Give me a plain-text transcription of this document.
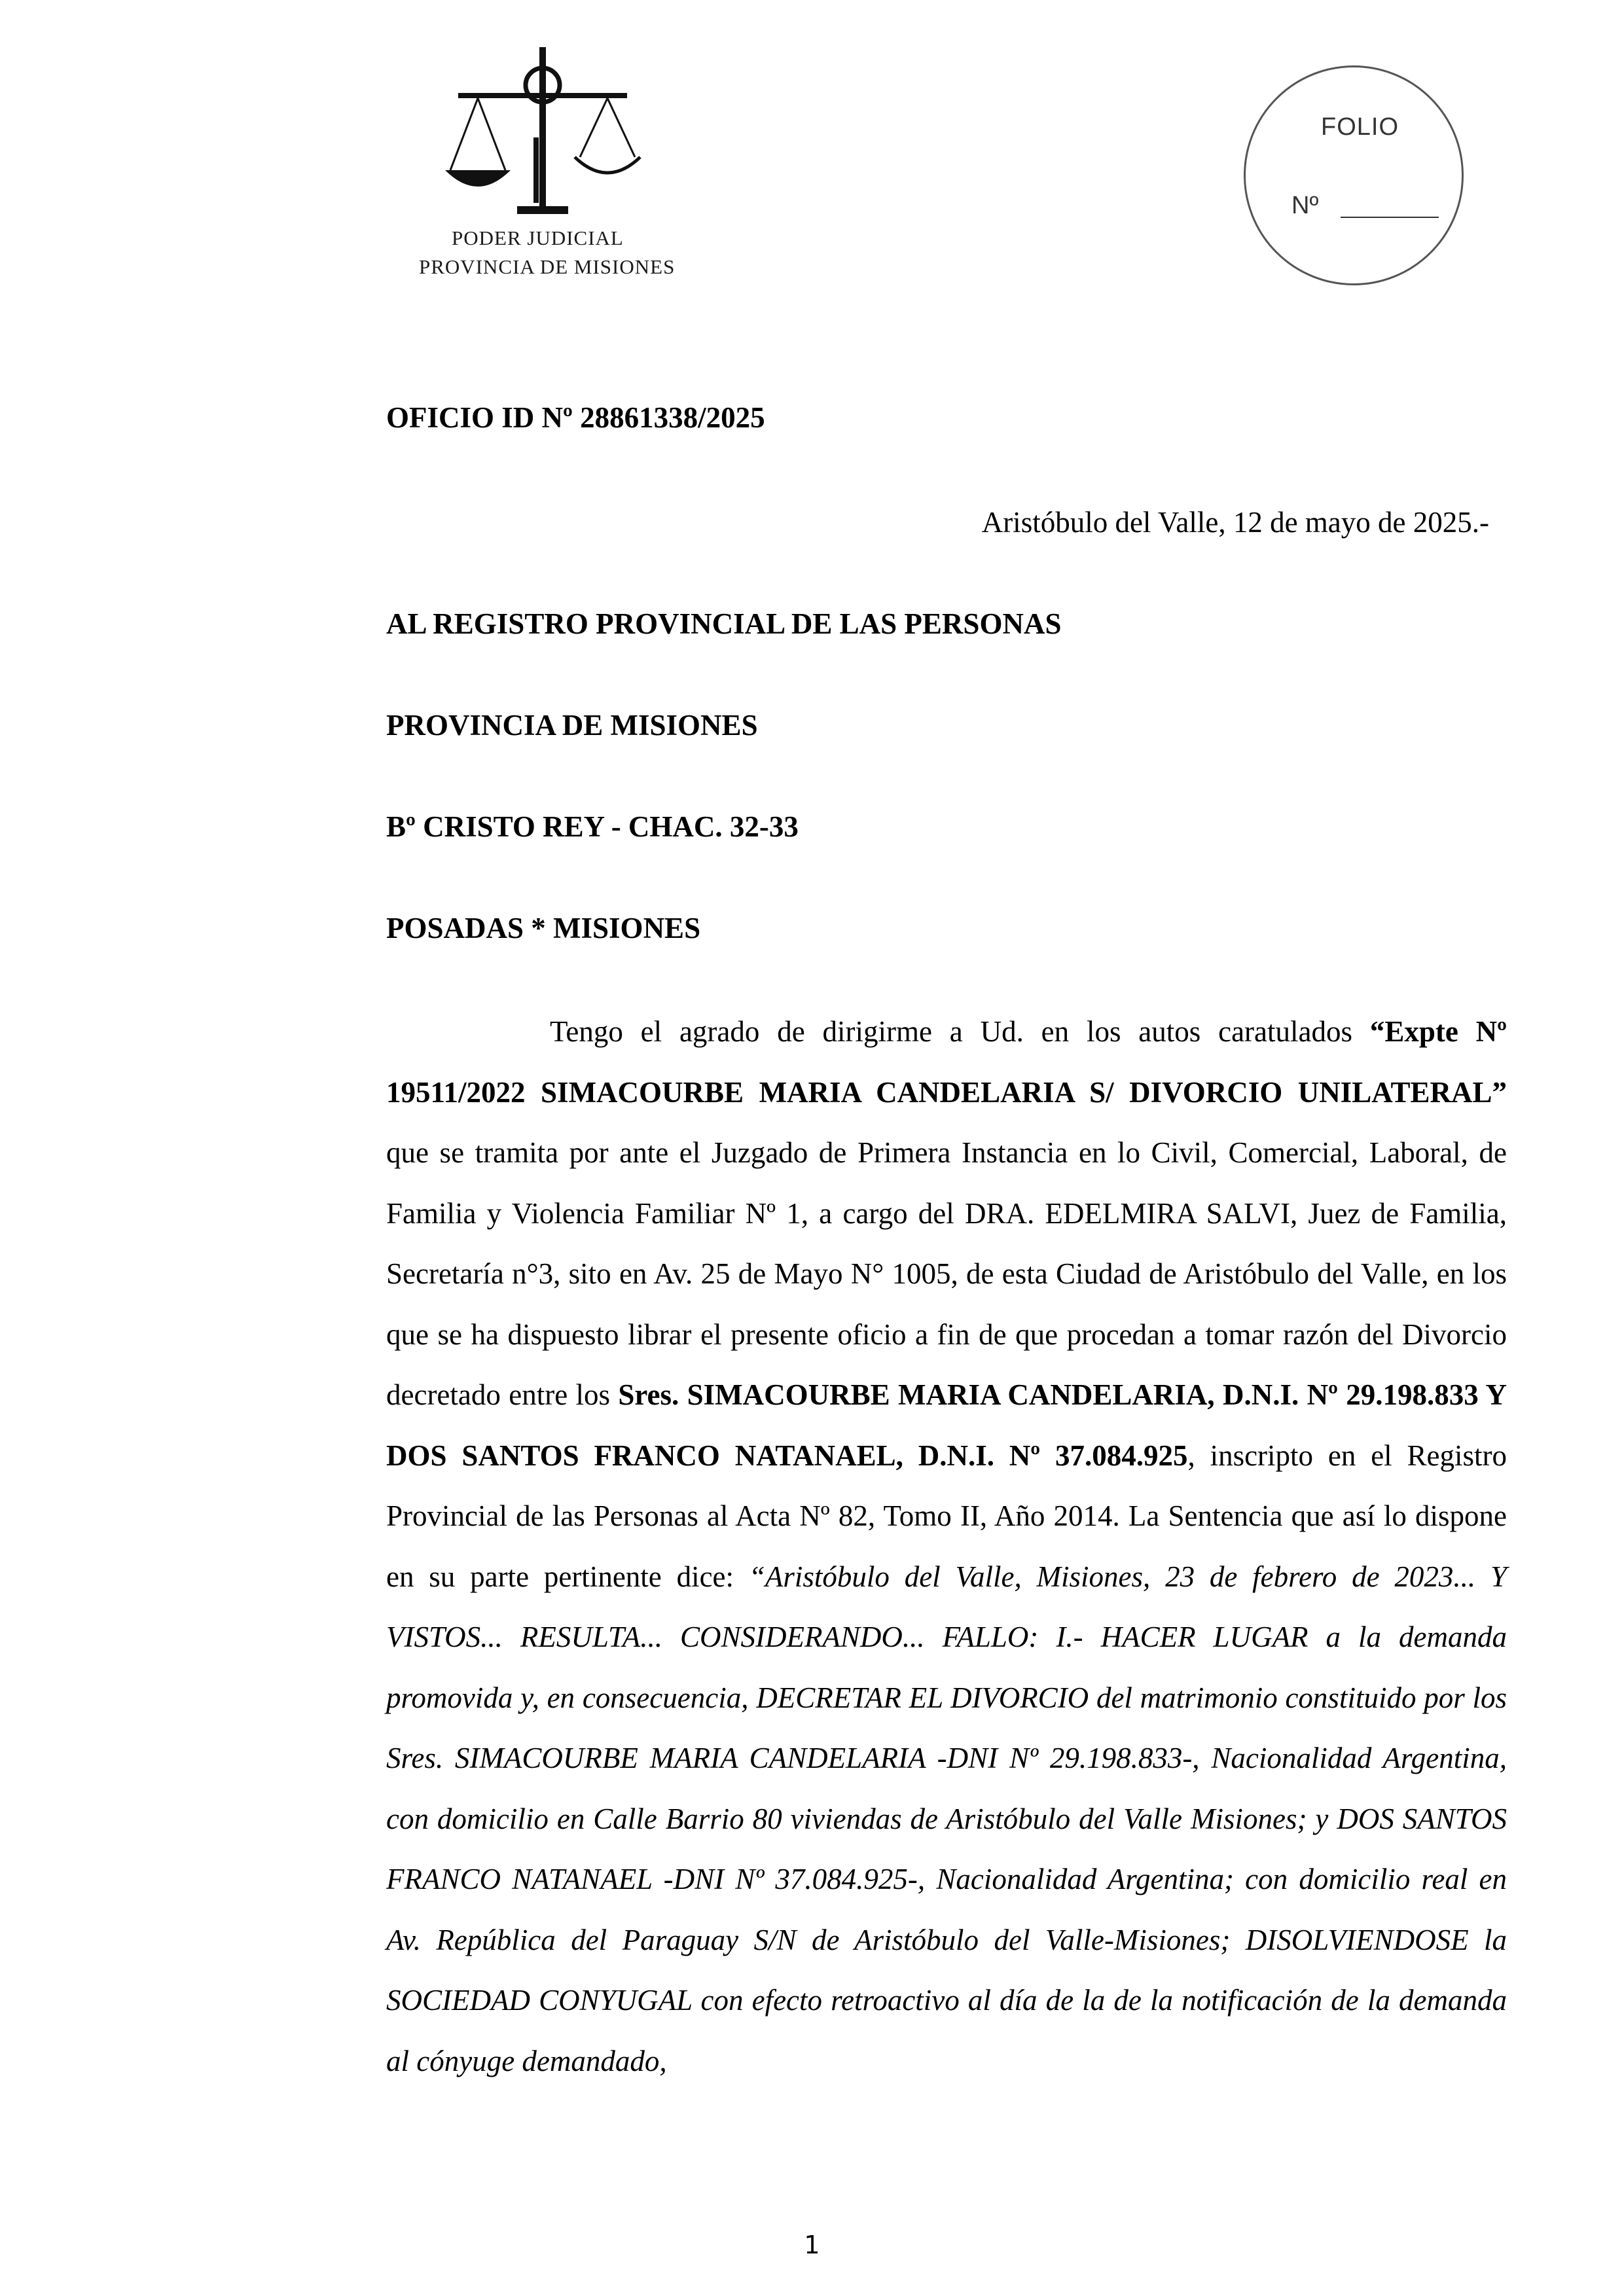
PODER JUDICIAL
PROVINCIA DE MISIONES
FOLIO
Nº
OFICIO ID Nº 28861338/2025
Aristóbulo del Valle, 12 de mayo de 2025.-
AL REGISTRO PROVINCIAL DE LAS PERSONAS
PROVINCIA DE MISIONES
Bº CRISTO REY - CHAC. 32-33
POSADAS * MISIONES

Tengo el agrado de dirigirme a Ud. en los autos caratulados “Expte Nº 19511/2022 SIMACOURBE MARIA CANDELARIA S/ DIVORCIO UNILATERAL” que se tramita por ante el Juzgado de Primera Instancia en lo Civil, Comercial, Laboral, de Familia y Violencia Familiar Nº 1, a cargo del DRA. EDELMIRA SALVI, Juez de Familia, Secretaría n°3, sito en Av. 25 de Mayo N° 1005, de esta Ciudad de Aristóbulo del Valle, en los que se ha dispuesto librar el presente oficio a fin de que procedan a tomar razón del Divorcio decretado entre los Sres. SIMACOURBE MARIA CANDELARIA, D.N.I. Nº 29.198.833 Y DOS SANTOS FRANCO NATANAEL, D.N.I. Nº 37.084.925, inscripto en el Registro Provincial de las Personas al Acta Nº 82, Tomo II, Año 2014. La Sentencia que así lo dispone en su parte pertinente dice: “Aristóbulo del Valle, Misiones, 23 de febrero de 2023... Y VISTOS... RESULTA... CONSIDERANDO... FALLO: I.- HACER LUGAR a la demanda promovida y, en consecuencia, DECRETAR EL DIVORCIO del matrimonio constituido por los Sres. SIMACOURBE MARIA CANDELARIA -DNI Nº 29.198.833-, Nacionalidad Argentina, con domicilio en Calle Barrio 80 viviendas de Aristóbulo del Valle Misiones; y DOS SANTOS FRANCO NATANAEL -DNI Nº 37.084.925-, Nacionalidad Argentina; con domicilio real en Av. República del Paraguay S/N de Aristóbulo del Valle-Misiones; DISOLVIENDOSE la SOCIEDAD CONYUGAL con efecto retroactivo al día de la de la notificación de la demanda al cónyuge demandado,

1
